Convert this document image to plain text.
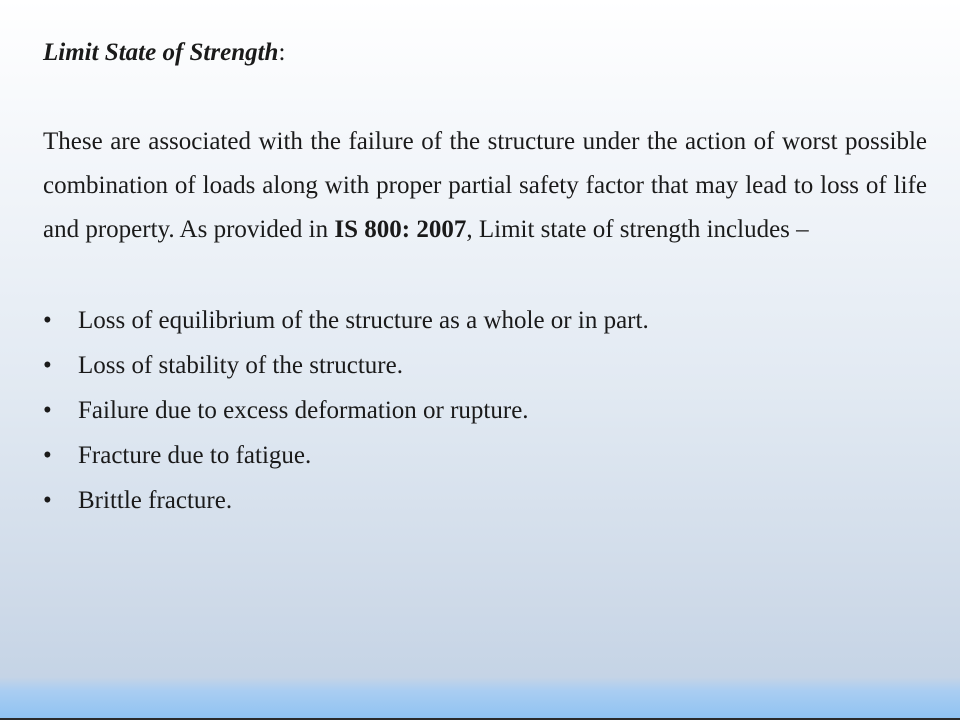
Limit State of Strength:

These are associated with the failure of the structure under the action of worst possible combination of loads along with proper partial safety factor that may lead to loss of life and property. As provided in IS 800: 2007, Limit state of strength includes –

• Loss of equilibrium of the structure as a whole or in part.
• Loss of stability of the structure.
• Failure due to excess deformation or rupture.
• Fracture due to fatigue.
• Brittle fracture.
